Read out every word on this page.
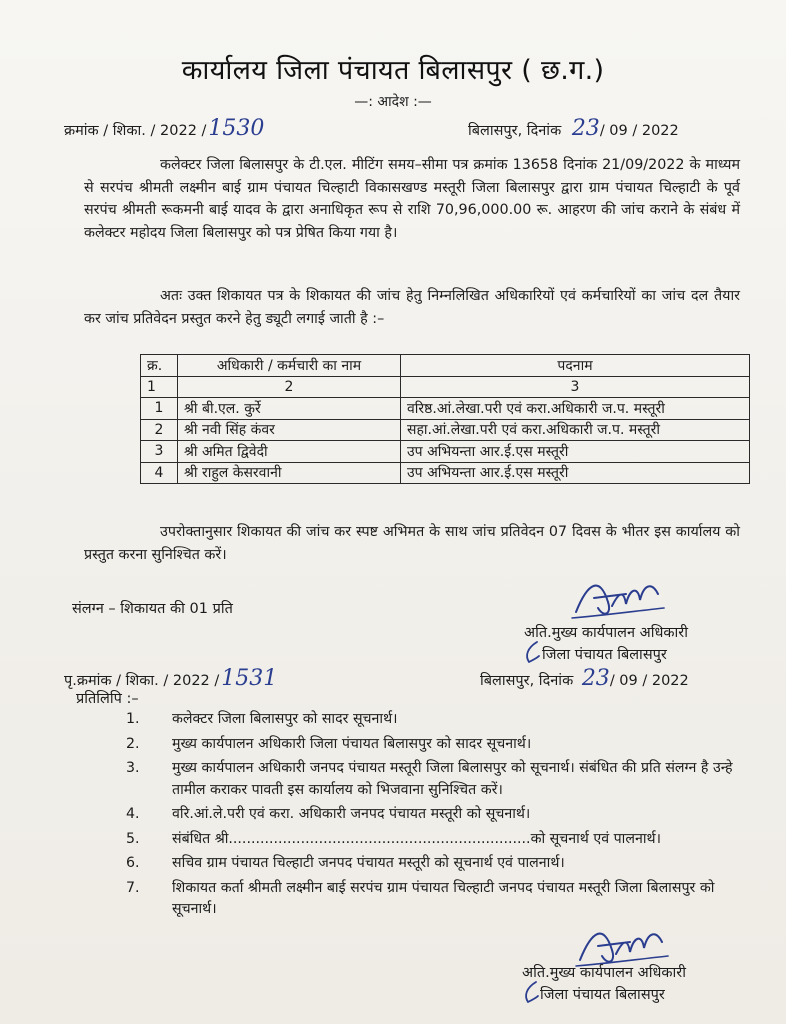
कार्यालय जिला पंचायत बिलासपुर ( छ.ग.)
—: आदेश :—
क्रमांक / शिका. / 2022 /1530	बिलासपुर, दिनांक 23/ 09 / 2022
कलेक्टर जिला बिलासपुर के टी.एल. मीटिंग समय–सीमा पत्र क्रमांक 13658 दिनांक 21/09/2022 के माध्यम से सरपंच श्रीमती लक्ष्मीन बाई ग्राम पंचायत चिल्हाटी विकासखण्ड मस्तूरी जिला बिलासपुर द्वारा ग्राम पंचायत चिल्हाटी के पूर्व सरपंच श्रीमती रूकमनी बाई यादव के द्वारा अनाधिकृत रूप से राशि 70,96,000.00 रू. आहरण की जांच कराने के संबंध में कलेक्टर महोदय जिला बिलासपुर को पत्र प्रेषित किया गया है।
अतः उक्त शिकायत पत्र के शिकायत की जांच हेतु निम्नलिखित अधिकारियों एवं कर्मचारियों का जांच दल तैयार कर जांच प्रतिवेदन प्रस्तुत करने हेतु ड्यूटी लगाई जाती है :–
क्र.	अधिकारी / कर्मचारी का नाम	पदनाम
1	2	3
1	श्री बी.एल. कुर्रे	वरिष्ठ.आं.लेखा.परी एवं करा.अधिकारी ज.प. मस्तूरी
2	श्री नवी सिंह कंवर	सहा.आं.लेखा.परी एवं करा.अधिकारी ज.प. मस्तूरी
3	श्री अमित द्विवेदी	उप अभियन्ता आर.ई.एस मस्तूरी
4	श्री राहुल केसरवानी	उप अभियन्ता आर.ई.एस मस्तूरी
उपरोक्तानुसार शिकायत की जांच कर स्पष्ट अभिमत के साथ जांच प्रतिवेदन 07 दिवस के भीतर इस कार्यालय को प्रस्तुत करना सुनिश्चित करें।
संलग्न – शिकायत की 01 प्रति
अति.मुख्य कार्यपालन अधिकारी
जिला पंचायत बिलासपुर
पृ.क्रमांक / शिका. / 2022 /1531	बिलासपुर, दिनांक 23/ 09 / 2022
प्रतिलिपि :–
1. कलेक्टर जिला बिलासपुर को सादर सूचनार्थ।
2. मुख्य कार्यपालन अधिकारी जिला पंचायत बिलासपुर को सादर सूचनार्थ।
3. मुख्य कार्यपालन अधिकारी जनपद पंचायत मस्तूरी जिला बिलासपुर को सूचनार्थ। संबंधित की प्रति संलग्न है उन्हे तामील कराकर पावती इस कार्यालय को भिजवाना सुनिश्चित करें।
4. वरि.आं.ले.परी एवं करा. अधिकारी जनपद पंचायत मस्तूरी को सूचनार्थ।
5. संबंधित श्री...................................................................को सूचनार्थ एवं पालनार्थ।
6. सचिव ग्राम पंचायत चिल्हाटी जनपद पंचायत मस्तूरी को सूचनार्थ एवं पालनार्थ।
7. शिकायत कर्ता श्रीमती लक्ष्मीन बाई सरपंच ग्राम पंचायत चिल्हाटी जनपद पंचायत मस्तूरी जिला बिलासपुर को सूचनार्थ।
अति.मुख्य कार्यपालन अधिकारी
जिला पंचायत बिलासपुर
